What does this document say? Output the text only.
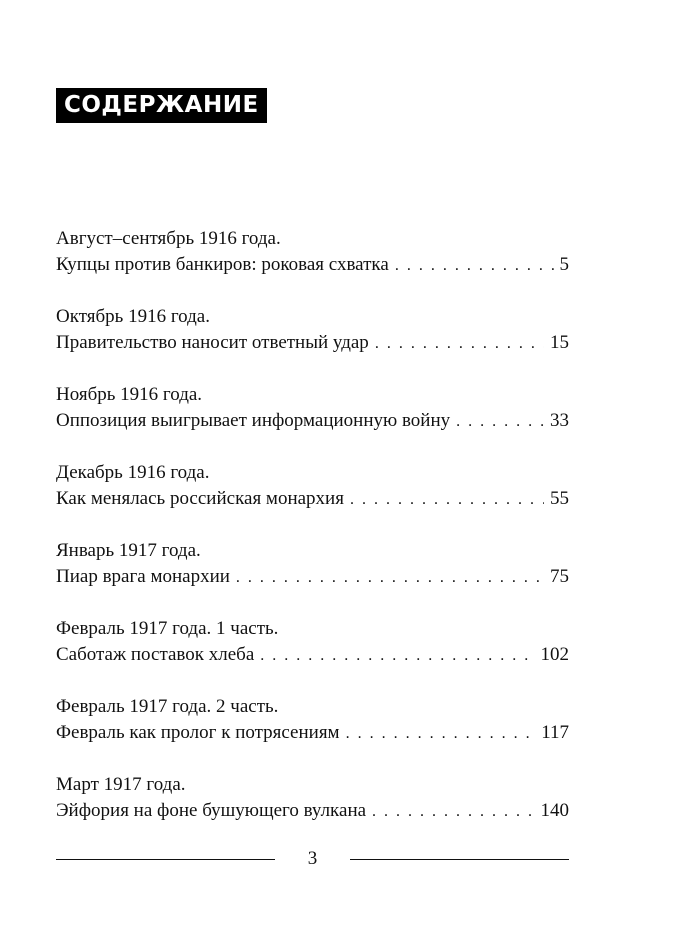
СОДЕРЖАНИЕ
Август–сентябрь 1916 года.
Купцы против банкиров: роковая схватка . . .	5
Октябрь 1916 года.
Правительство наносит ответный удар . . .	15
Ноябрь 1916 года.
Оппозиция выигрывает информационную войну . . .	33
Декабрь 1916 года.
Как менялась российская монархия . . .	55
Январь 1917 года.
Пиар врага монархии . . .	75
Февраль 1917 года. 1 часть.
Саботаж поставок хлеба . . .	102
Февраль 1917 года. 2 часть.
Февраль как пролог к потрясениям . . .	117
Март 1917 года.
Эйфория на фоне бушующего вулкана . . .	140
3
